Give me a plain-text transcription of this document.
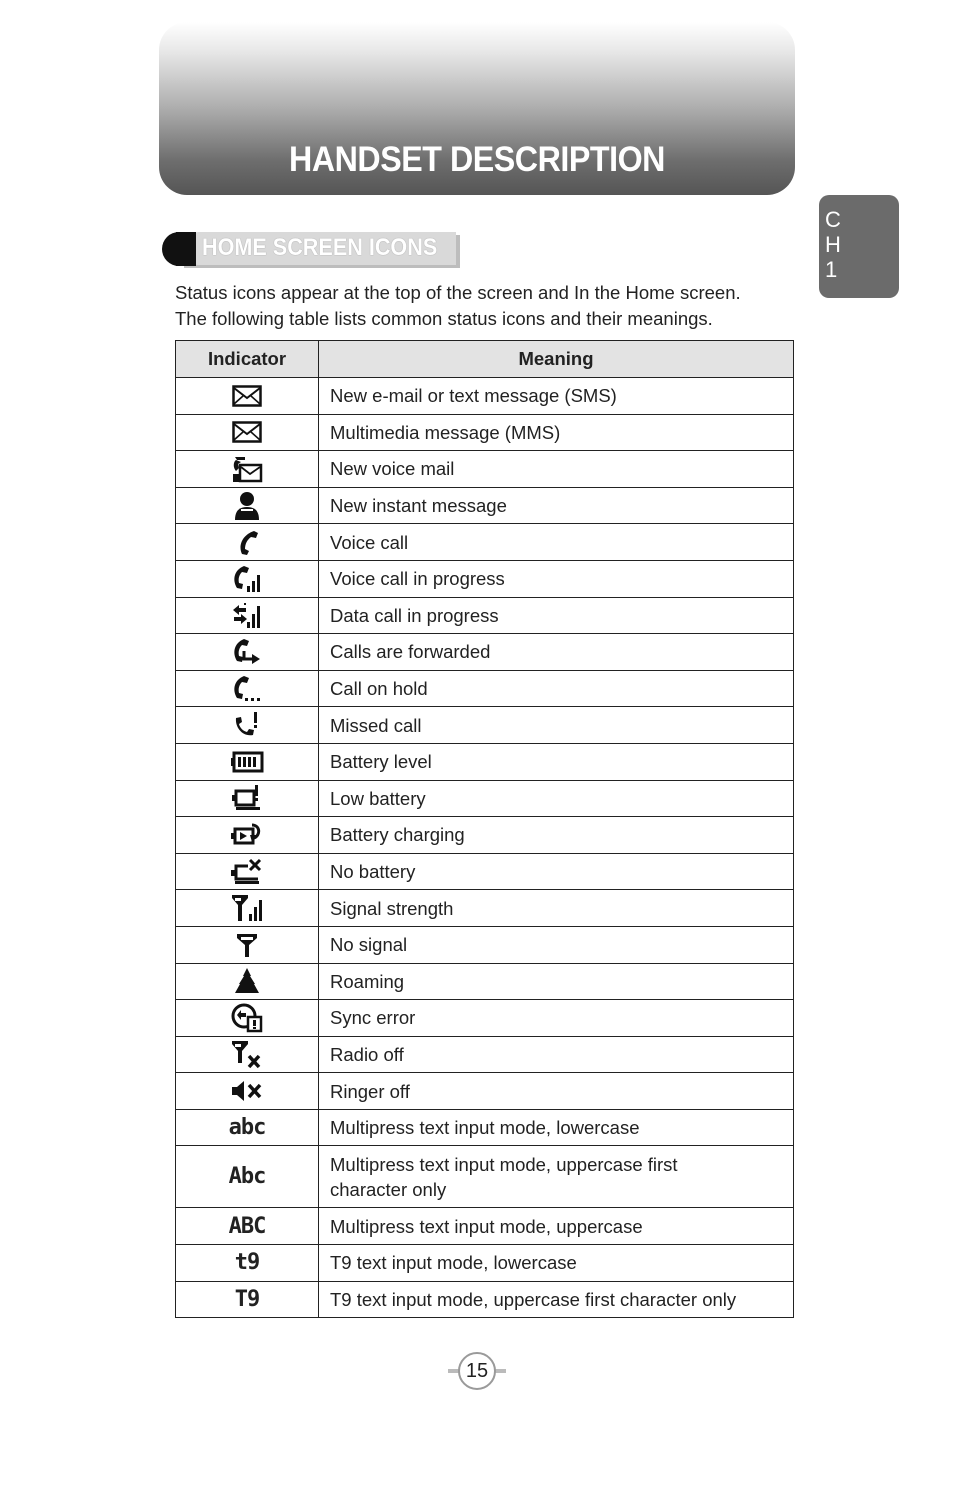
HANDSET DESCRIPTION
C
H
1
HOME SCREEN ICONS
Status icons appear at the top of the screen and In the Home screen.
The following table lists common status icons and their meanings.
Indicator	Meaning

	New e-mail or text message (SMS)

	Multimedia message (MMS)

	New voice mail

	New instant message

	Voice call

	Voice call in progress

	Data call in progress

	Calls are forwarded

	Call on hold

	Missed call

	Battery level

	Low battery

	Battery charging

	No battery

	Signal strength

	No signal

	Roaming

	Sync error

	Radio off

	Ringer off
abc	Multipress text input mode, lowercase
Abc	Multipress text input mode, uppercase first
character only

ABC	Multipress text input mode, uppercase
t9	T9 text input mode, lowercase
T9	T9 text input mode, uppercase first character only
15
